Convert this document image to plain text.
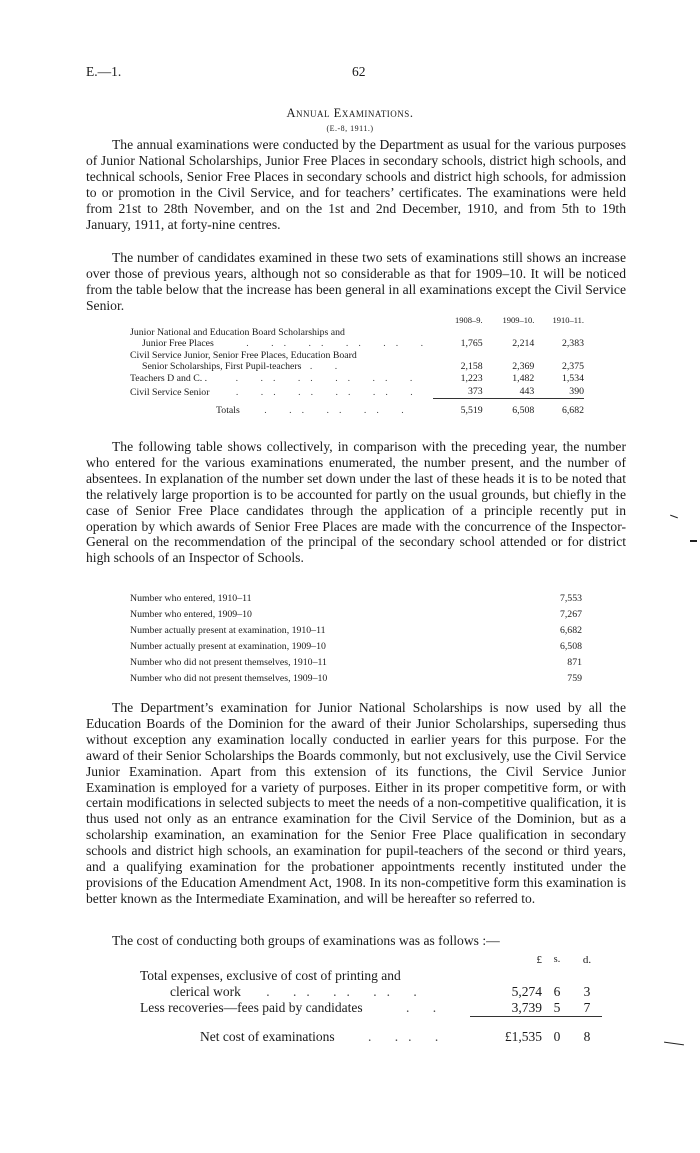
E.—1.	62
Annual Examinations.
(E.-8, 1911.)

The annual examinations were conducted by the Department as usual for the various purposes of Junior National Scholarships, Junior Free Places in secondary schools, district high schools, and technical schools, Senior Free Places in secondary schools and district high schools, for admission to or promotion in the Civil Service, and for teachers’ certificates. The examinations were held from 21st to 28th November, and on the 1st and 2nd December, 1910, and from 5th to 19th January, 1911, at forty-nine centres.

The number of candidates examined in these two sets of examinations still shows an increase over those of previous years, although not so considerable as that for 1909–10. It will be noticed from the table below that the increase has been general in all examinations except the Civil Service Senior.

	1908–9.	1909–10.	1910–11.
Junior National and Education Board Scholarships and			
Junior Free Places . .. .. .. .. .	1,765	2,214	2,383
Civil Service Junior, Senior Free Places, Education Board			
Senior Scholarships, First Pupil-teachers . .	2,158	2,369	2,375
Teachers D and C. . . .. .. .. .. .	1,223	1,482	1,534
Civil Service Senior . .. .. .. .. .	373	443	390
Totals . .. .. .. .	5,519	6,508	6,682

The following table shows collectively, in comparison with the preceding year, the number who entered for the various examinations enumerated, the number present, and the number of absentees. In explanation of the number set down under the last of these heads it is to be noted that the relatively large proportion is to be accounted for partly on the usual grounds, but chiefly in the case of Senior Free Place candidates through the application of a principle recently put in operation by which awards of Senior Free Places are made with the concurrence of the Inspector-General on the recommendation of the principal of the secondary school attended or for district high schools of an Inspector of Schools.

Number who entered, 1910–11	7,553
Number who entered, 1909–10	7,267
Number actually present at examination, 1910–11	6,682
Number actually present at examination, 1909–10	6,508
Number who did not present themselves, 1910–11	871
Number who did not present themselves, 1909–10	759

The Department’s examination for Junior National Scholarships is now used by all the Education Boards of the Dominion for the award of their Junior Scholarships, superseding thus without exception any examination locally conducted in earlier years for this purpose. For the award of their Senior Scholarships the Boards commonly, but not exclusively, use the Civil Service Junior Examination. Apart from this extension of its functions, the Civil Service Junior Examination is employed for a variety of purposes. Either in its proper competitive form, or with certain modifications in selected subjects to meet the needs of a non-competitive qualification, it is thus used not only as an entrance examination for the Civil Service of the Dominion, but as a scholarship examination, an examination for the Senior Free Place qualification in secondary schools and district high schools, an examination for pupil-teachers of the second or third years, and a qualifying examination for the probationer appointments recently instituted under the provisions of the Education Amendment Act, 1908. In its non-competitive form this examination is better known as the Intermediate Examination, and will be hereafter so referred to.

The cost of conducting both groups of examinations was as follows :—

	£	s.	d.
Total expenses, exclusive of cost of printing and			
clerical work . .. .. .. .	5,274	6	3
Less recoveries—fees paid by candidates . .	3,739	5	7
Net cost of examinations . .. .	£1,535	0	8
